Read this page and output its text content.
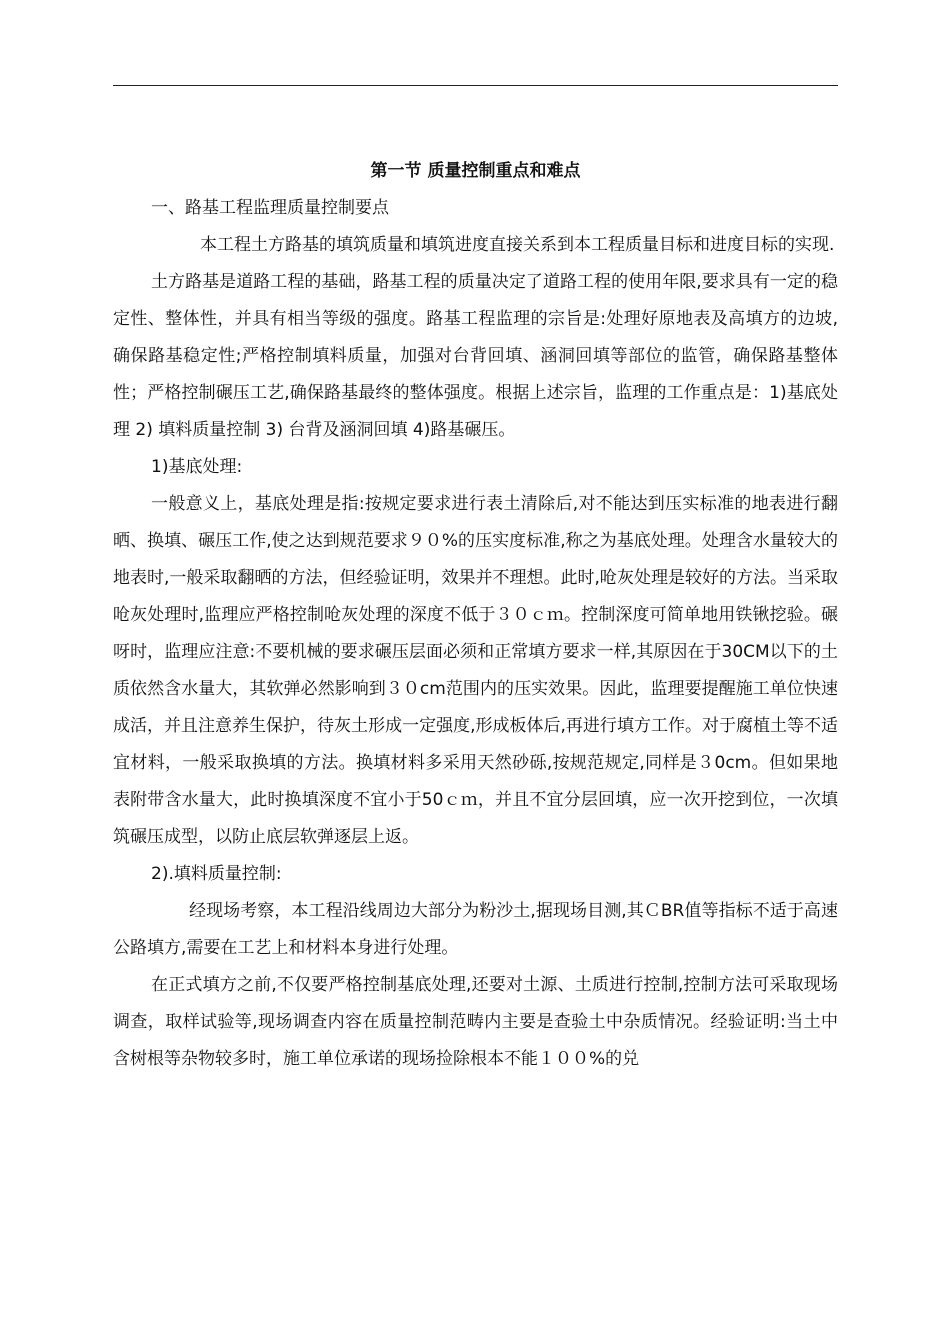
第一节 质量控制重点和难点

一、路基工程监理质量控制要点

本工程土方路基的填筑质量和填筑进度直接关系到本工程质量目标和进度目标的实现.

土方路基是道路工程的基础，路基工程的质量决定了道路工程的使用年限,要求具有一定的稳定性、整体性，并具有相当等级的强度。路基工程监理的宗旨是:处理好原地表及高填方的边坡,确保路基稳定性;严格控制填料质量，加强对台背回填、涵洞回填等部位的监管，确保路基整体性；严格控制碾压工艺,确保路基最终的整体强度。根据上述宗旨，监理的工作重点是：1)基底处理 2) 填料质量控制 3) 台背及涵洞回填 4)路基碾压。

1)基底处理:

一般意义上，基底处理是指:按规定要求进行表土清除后,对不能达到压实标准的地表进行翻晒、换填、碾压工作,使之达到规范要求９０%的压实度标准,称之为基底处理。处理含水量较大的地表时,一般采取翻晒的方法，但经验证明，效果并不理想。此时,呛灰处理是较好的方法。当采取呛灰处理时,监理应严格控制呛灰处理的深度不低于３０ｃｍ。控制深度可简单地用铁锹挖验。碾呀时，监理应注意:不要机械的要求碾压层面必须和正常填方要求一样,其原因在于30CM以下的土质依然含水量大，其软弹必然影响到３０cm范围内的压实效果。因此，监理要提醒施工单位快速成活，并且注意养生保护，待灰土形成一定强度,形成板体后,再进行填方工作。对于腐植土等不适宜材料，一般采取换填的方法。换填材料多采用天然砂砾,按规范规定,同样是３0cm。但如果地表附带含水量大，此时换填深度不宜小于50ｃｍ，并且不宜分层回填，应一次开挖到位，一次填筑碾压成型，以防止底层软弹逐层上返。

2).填料质量控制:

经现场考察，本工程沿线周边大部分为粉沙土,据现场目测,其ＣBR值等指标不适于高速公路填方,需要在工艺上和材料本身进行处理。

在正式填方之前,不仅要严格控制基底处理,还要对土源、土质进行控制,控制方法可采取现场调查，取样试验等,现场调查内容在质量控制范畴内主要是查验土中杂质情况。经验证明:当土中含树根等杂物较多时，施工单位承诺的现场捡除根本不能１００%的兑
